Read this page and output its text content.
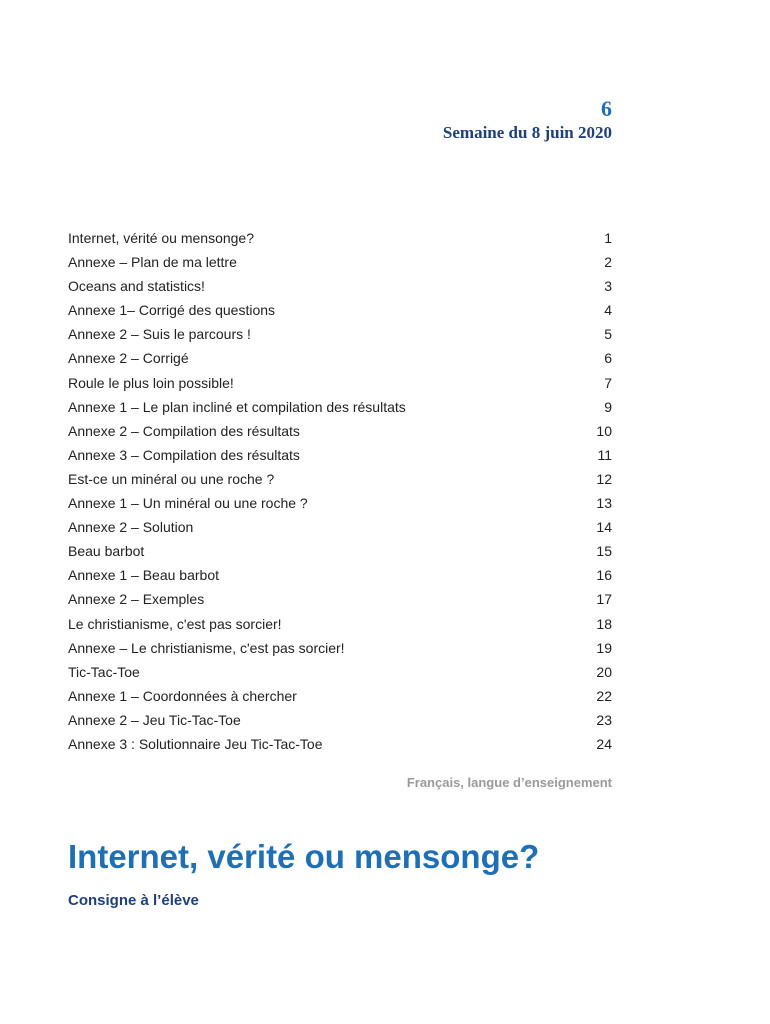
6
Semaine du 8 juin 2020
Internet, vérité ou mensonge?	1
Annexe – Plan de ma lettre	2
Oceans and statistics!	3
Annexe 1– Corrigé des questions	4
Annexe 2 – Suis le parcours !	5
Annexe 2 – Corrigé	6
Roule le plus loin possible!	7
Annexe 1 – Le plan incliné et compilation des résultats	9
Annexe 2 – Compilation des résultats	10
Annexe 3 – Compilation des résultats	11
Est-ce un minéral ou une roche ?	12
Annexe 1 – Un minéral ou une roche ?	13
Annexe 2 – Solution	14
Beau barbot	15
Annexe 1 – Beau barbot	16
Annexe 2 – Exemples	17
Le christianisme, c'est pas sorcier!	18
Annexe – Le christianisme, c'est pas sorcier!	19
Tic-Tac-Toe	20
Annexe 1 – Coordonnées à chercher	22
Annexe 2 – Jeu Tic-Tac-Toe	23
Annexe 3 : Solutionnaire Jeu Tic-Tac-Toe	24
Français, langue d’enseignement
Internet, vérité ou mensonge?
Consigne à l’élève
